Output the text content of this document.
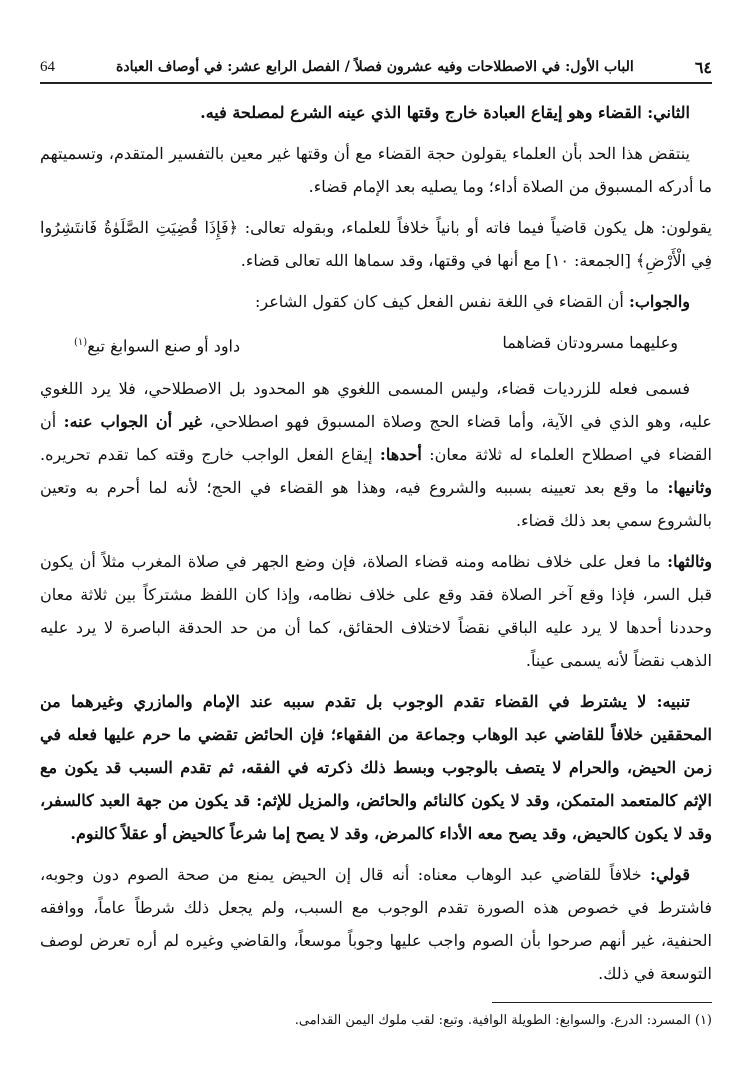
64	الباب الأول: في الاصطلاحات وفيه عشرون فصلاً / الفصل الرابع عشر: في أوصاف العبادة	٦٤

الثاني: القضاء وهو إيقاع العبادة خارج وقتها الذي عينه الشرع لمصلحة فيه.

ينتقض هذا الحد بأن العلماء يقولون حجة القضاء مع أن وقتها غير معين بالتفسير المتقدم، وتسميتهم ما أدركه المسبوق من الصلاة أداء؛ وما يصليه بعد الإمام قضاء.

يقولون: هل يكون قاضياً فيما فاته أو بانياً خلافاً للعلماء، وبقوله تعالى: ﴿فَإِذَا قُضِيَتِ الصَّلَوٰةُ فَانتَشِرُوا فِي الْأَرْضِ﴾ [الجمعة: ١٠] مع أنها في وقتها، وقد سماها الله تعالى قضاء.

والجواب: أن القضاء في اللغة نفس الفعل كيف كان كقول الشاعر:

وعليهما مسرودتان قضاهما
داود أو صنع السوابغ تبع$^{(١)}$

فسمى فعله للزرديات قضاء، وليس المسمى اللغوي هو المحدود بل الاصطلاحي، فلا يرد اللغوي عليه، وهو الذي في الآية، وأما قضاء الحج وصلاة المسبوق فهو اصطلاحي، غير أن الجواب عنه: أن القضاء في اصطلاح العلماء له ثلاثة معان: أحدها: إيقاع الفعل الواجب خارج وقته كما تقدم تحريره. وثانيها: ما وقع بعد تعيينه بسببه والشروع فيه، وهذا هو القضاء في الحج؛ لأنه لما أحرم به وتعين بالشروع سمي بعد ذلك قضاء.

وثالثها: ما فعل على خلاف نظامه ومنه قضاء الصلاة، فإن وضع الجهر في صلاة المغرب مثلاً أن يكون قبل السر، فإذا وقع آخر الصلاة فقد وقع على خلاف نظامه، وإذا كان اللفظ مشتركاً بين ثلاثة معان وحددنا أحدها لا يرد عليه الباقي نقضاً لاختلاف الحقائق، كما أن من حد الحدقة الباصرة لا يرد عليه الذهب نقضاً لأنه يسمى عيناً.

تنبيه: لا يشترط في القضاء تقدم الوجوب بل تقدم سببه عند الإمام والمازري وغيرهما من المحققين خلافاً للقاضي عبد الوهاب وجماعة من الفقهاء؛ فإن الحائض تقضي ما حرم عليها فعله في زمن الحيض، والحرام لا يتصف بالوجوب وبسط ذلك ذكرته في الفقه، ثم تقدم السبب قد يكون مع الإثم كالمتعمد المتمكن، وقد لا يكون كالنائم والحائض، والمزيل للإثم: قد يكون من جهة العبد كالسفر، وقد لا يكون كالحيض، وقد يصح معه الأداء كالمرض، وقد لا يصح إما شرعاً كالحيض أو عقلاً كالنوم.

قولي: خلافاً للقاضي عبد الوهاب معناه: أنه قال إن الحيض يمنع من صحة الصوم دون وجوبه، فاشترط في خصوص هذه الصورة تقدم الوجوب مع السبب، ولم يجعل ذلك شرطاً عاماً، ووافقه الحنفية، غير أنهم صرحوا بأن الصوم واجب عليها وجوباً موسعاً، والقاضي وغيره لم أره تعرض لوصف التوسعة في ذلك.

(١) المسرد: الدرع. والسوابغ: الطويلة الوافية. وتبع: لقب ملوك اليمن القدامى.
